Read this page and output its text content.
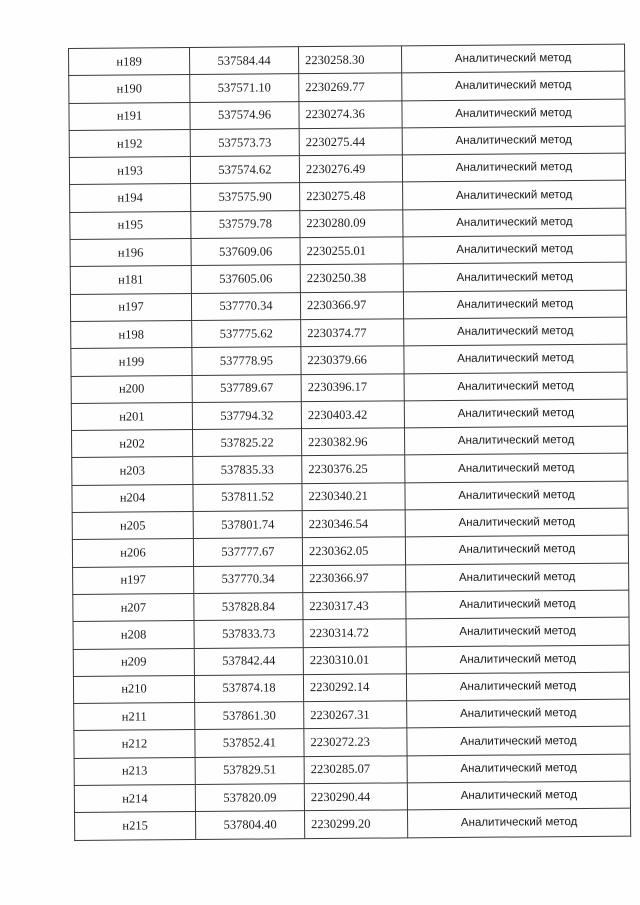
н189	537584.44	2230258.30	Аналитический метод
н190	537571.10	2230269.77	Аналитический метод
н191	537574.96	2230274.36	Аналитический метод
н192	537573.73	2230275.44	Аналитический метод
н193	537574.62	2230276.49	Аналитический метод
н194	537575.90	2230275.48	Аналитический метод
н195	537579.78	2230280.09	Аналитический метод
н196	537609.06	2230255.01	Аналитический метод
н181	537605.06	2230250.38	Аналитический метод
н197	537770.34	2230366.97	Аналитический метод
н198	537775.62	2230374.77	Аналитический метод
н199	537778.95	2230379.66	Аналитический метод
н200	537789.67	2230396.17	Аналитический метод
н201	537794.32	2230403.42	Аналитический метод
н202	537825.22	2230382.96	Аналитический метод
н203	537835.33	2230376.25	Аналитический метод
н204	537811.52	2230340.21	Аналитический метод
н205	537801.74	2230346.54	Аналитический метод
н206	537777.67	2230362.05	Аналитический метод
н197	537770.34	2230366.97	Аналитический метод
н207	537828.84	2230317.43	Аналитический метод
н208	537833.73	2230314.72	Аналитический метод
н209	537842.44	2230310.01	Аналитический метод
н210	537874.18	2230292.14	Аналитический метод
н211	537861.30	2230267.31	Аналитический метод
н212	537852.41	2230272.23	Аналитический метод
н213	537829.51	2230285.07	Аналитический метод
н214	537820.09	2230290.44	Аналитический метод
н215	537804.40	2230299.20	Аналитический метод
